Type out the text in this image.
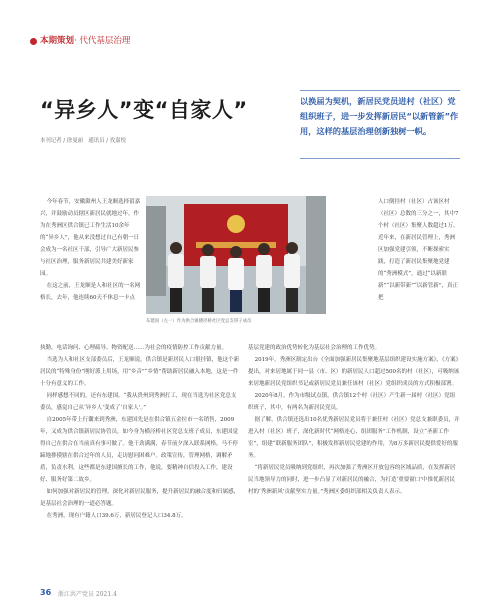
本期策划· 代代基层治理
“异乡人”变“自家人”
本刊记者 / 徐曼丽　通讯员 / 孜嘉悦
以换届为契机，新居民党员进村（社区）党组织班子，进一步发挥新居民“以新管新”作用，这样的基层治理创新独树一帜。
东建国（左一）作为供合镇横泾桥社区党总支班子成员

今年春节，安徽滁州人王龙顺选择留嘉兴，并鼓励动员辖区新居民就地过年。作为在秀洲区供合镇已工作生活10余年的“异乡人”，他从来没想过自己有朝一日会成为一名社区干部，引导广大新居民参与社区治理，服务新居民共建美好新家园。

在这之前，王龙顺是人和社区的一名网格长，去年，他连续60天不休息一卡点

执勤，电话询问、心理疏导、物资配送……为社会的疫情防控工作贡献力量。

当选为人和社区支部委员后，王龙顺说，供合镇是新居民人口很挂镇，他这个新居民的“特殊身份”刚好派上用场，用“乡音”“乡情”帮助新居民融入本地，这是一件十分有意义的工作。

同样感想不同的，还有东建国。“我从贵州到秀洲打工，现在当选为社区党总支委员，感觉自己从‘异乡人’变成了‘自家人’。”

自2005年带上行囊来到秀洲，东建国先是在供合镇五金拉市一名销售，2009年，又成为供合镇新居民协管员。如今身为横泾桥社区党总支班子成员，东建国觉得自己在供合在当前真有事可做了。他干劲满满，春节前夕深入联系网格，马不停蹄地排摸辖在供合过年的人员，走访慰问困难户。政策宣传，管理网格，调解矛盾，负责水利，这些都是东建国擅长的工作，他说，要精神自信投入工作，建设好、服务好第二故乡。

如何加强对新居民的管理，深化对新居民服务，提升新居民的融合度和归属感，是基层社会治理的一道必答题。

在秀洲，现有户籍人口39.6万，新居民登记人口34.8万，

人口倒挂村（社区）占该区村（社区）总数的三分之一，其中7个村（社区）集聚人数超过1万。近年来，在新居民管理上，秀洲区加强党建引领，不断探索实践，打造了新居民集聚地党建的“秀洲模式”，通过“以新联新”“以新带新”“以新管新”，真正把

基层党建的政治优势转化为基层社会治理的工作优势。

2019年，秀洲区制定出台《全面加强新居民集聚地基层组织建设实施方案》，《方案》提出，对来居地属于同一县（市、区）的新居民人口超过500名的村（社区），可吸纳该来居地新居民党组织书记或新居民党员兼任该村（社区）党组织成员的方式积极部署。

2020年8月，作为市级试点镇，供合镇12个村（社区）产生新一届村（社区）党组织班子，其中，有两名为新居民党员。

据了解，供合镇还选出10名优秀新居民党员将于兼任村（社区）党总支兼职委员，并进入村（社区）班子，深化新时代“网格连心、组团服务”工作机制，设立“圣新工作室”，组建“联新服务团队”，积极发挥新居民党建的作用，为8万多新居民提供爱好的服务。

“将新居民党员吸纳到党组织，再次加强了秀洲区开放包容的区域品质，在发挥新居民当地领导力的同时，进一步凸显了对新居民的融合，为打造‘重要窗口’中推优新居民村的‘秀洲新风’贡献坚实力量。”秀洲区委组织部相关负责人表示。

36 浙江共产党员 2021.4
